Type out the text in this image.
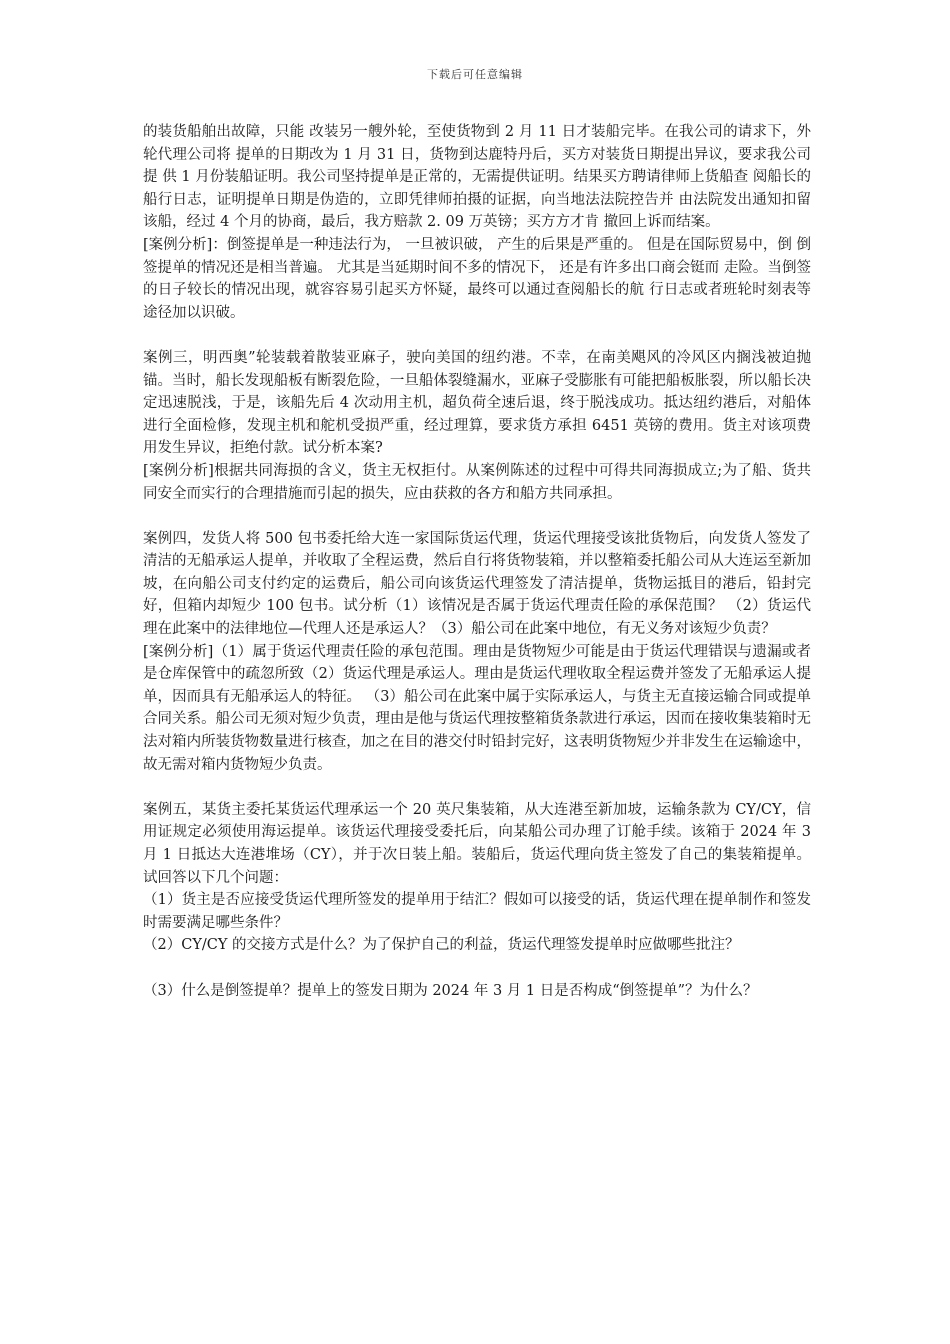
下载后可任意编辑

的装货船舶出故障，只能 改装另一艘外轮，至使货物到 2 月 11 日才装船完毕。在我公司的请求下，外轮代理公司将 提单的日期改为 1 月 31 日，货物到达鹿特丹后，买方对装货日期提出异议，要求我公司提 供 1 月份装船证明。我公司坚持提单是正常的，无需提供证明。结果买方聘请律师上货船查 阅船长的船行日志，证明提单日期是伪造的，立即凭律师拍摄的证据，向当地法法院控告并 由法院发出通知扣留该船，经过 4 个月的协商，最后，我方赔款 2. 09 万英镑；买方方才肯 撤回上诉而结案。

[案例分析]：倒签提单是一种违法行为， 一旦被识破， 产生的后果是严重的。 但是在国际贸易中，倒 倒签提单的情况还是相当普遍。 尤其是当延期时间不多的情况下， 还是有许多出口商会铤而 走险。当倒签的日子较长的情况出现，就容容易引起买方怀疑，最终可以通过查阅船长的航 行日志或者班轮时刻表等途径加以识破。

案例三，明西奥”轮装载着散装亚麻子，驶向美国的纽约港。不幸，在南美飓风的冷风区内搁浅被迫抛锚。当时，船长发现船板有断裂危险，一旦船体裂缝漏水，亚麻子受膨胀有可能把船板胀裂，所以船长决定迅速脱浅，于是，该船先后 4 次动用主机，超负荷全速后退，终于脱浅成功。抵达纽约港后，对船体进行全面检修，发现主机和舵机受损严重，经过理算，要求货方承担 6451 英镑的费用。货主对该项费用发生异议，拒绝付款。试分析本案?

[案例分析]根据共同海损的含义，货主无权拒付。从案例陈述的过程中可得共同海损成立;为了船、货共同安全而实行的合理措施而引起的损失，应由获救的各方和船方共同承担。

案例四，发货人将 500 包书委托给大连一家国际货运代理，货运代理接受该批货物后，向发货人签发了清洁的无船承运人提单，并收取了全程运费，然后自行将货物装箱，并以整箱委托船公司从大连运至新加坡，在向船公司支付约定的运费后，船公司向该货运代理签发了清洁提单，货物运抵目的港后，铅封完好，但箱内却短少 100 包书。试分析（1）该情况是否属于货运代理责任险的承保范围？ （2）货运代理在此案中的法律地位—代理人还是承运人？（3）船公司在此案中地位，有无义务对该短少负责？

[案例分析]（1）属于货运代理责任险的承包范围。理由是货物短少可能是由于货运代理错误与遗漏或者是仓库保管中的疏忽所致（2）货运代理是承运人。理由是货运代理收取全程运费并签发了无船承运人提单，因而具有无船承运人的特征。 （3）船公司在此案中属于实际承运人，与货主无直接运输合同或提单合同关系。船公司无须对短少负责，理由是他与货运代理按整箱货条款进行承运，因而在接收集装箱时无法对箱内所装货物数量进行核查，加之在目的港交付时铅封完好，这表明货物短少并非发生在运输途中，故无需对箱内货物短少负责。

案例五，某货主委托某货运代理承运一个 20 英尺集装箱，从大连港至新加坡，运输条款为 CY/CY，信用证规定必须使用海运提单。该货运代理接受委托后，向某船公司办理了订舱手续。该箱于 2024 年 3 月 1 日抵达大连港堆场（CY），并于次日装上船。装船后，货运代理向货主签发了自己的集装箱提单。试回答以下几个问题：

（1）货主是否应接受货运代理所签发的提单用于结汇？假如可以接受的话，货运代理在提单制作和签发时需要满足哪些条件？

（2）CY/CY 的交接方式是什么？为了保护自己的利益，货运代理签发提单时应做哪些批注？

（3）什么是倒签提单？提单上的签发日期为 2024 年 3 月 1 日是否构成“倒签提单”？为什么？
